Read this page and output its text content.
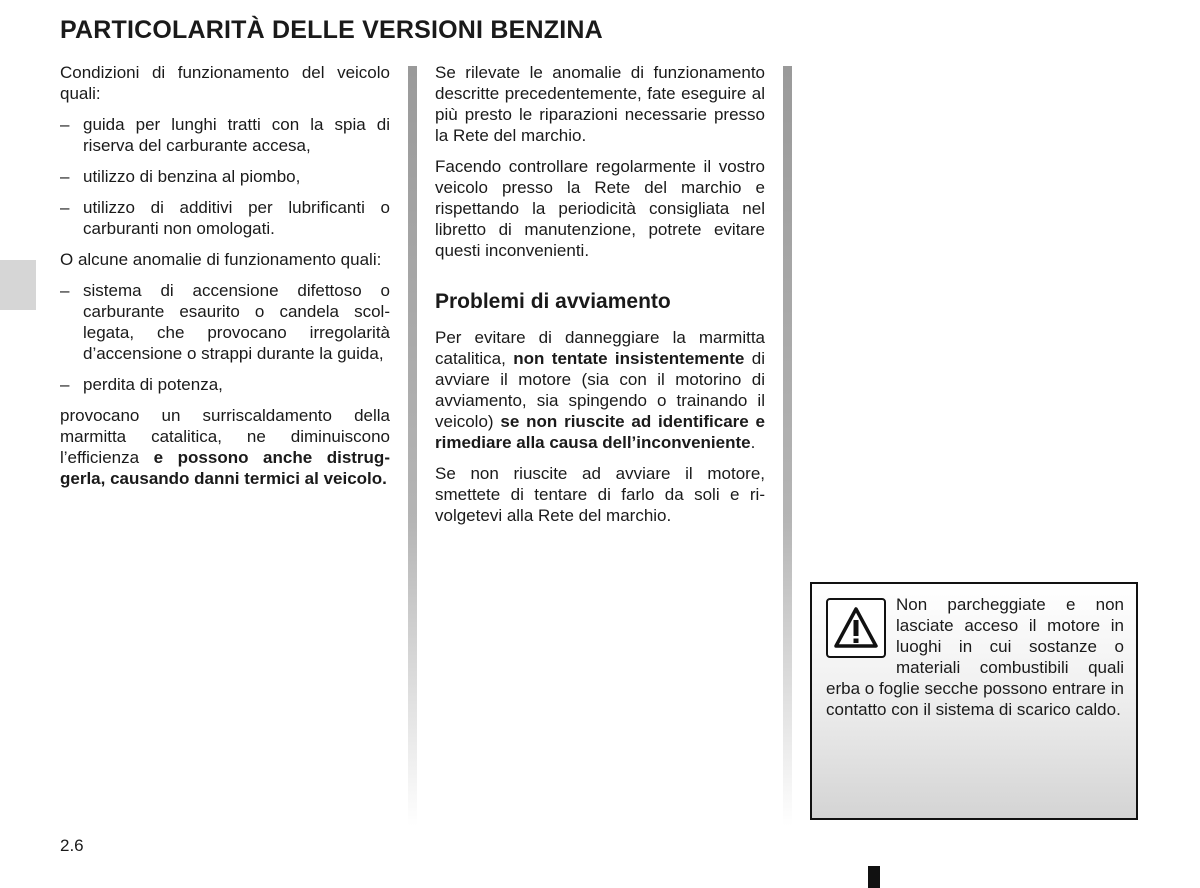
PARTICOLARITÀ DELLE VERSIONI BENZINA

Condizioni di funzionamento del veicolo quali:

– guida per lunghi tratti con la spia di riserva del carburante accesa,
– utilizzo di benzina al piombo,
– utilizzo di additivi per lubrificanti o carburanti non omologati.

O alcune anomalie di funzionamento quali:

– sistema di accensione difettoso o carburante esaurito o candela scollegata, che provocano irregolarità d’accensione o strappi durante la guida,
– perdita di potenza,

provocano un surriscaldamento della marmitta catalitica, ne diminuiscono l’efficienza e possono anche distruggerla, causando danni termici al veicolo.

Se rilevate le anomalie di funzionamento descritte precedentemente, fate eseguire al più presto le riparazioni necessarie presso la Rete del marchio.

Facendo controllare regolarmente il vostro veicolo presso la Rete del marchio e rispettando la periodicità consigliata nel libretto di manutenzione, potrete evitare questi inconvenienti.

Problemi di avviamento

Per evitare di danneggiare la marmitta catalitica, non tentate insistentemente di avviare il motore (sia con il motorino di avviamento, sia spingendo o trainando il veicolo) se non riuscite ad identificare e rimediare alla causa dell’inconveniente.

Se non riuscite ad avviare il motore, smettete di tentare di farlo da soli e rivolgetevi alla Rete del marchio.

Non parcheggiate e non lasciate acceso il motore in luoghi in cui sostanze o materiali combustibili quali erba o foglie secche possono entrare in contatto con il sistema di scarico caldo.
2.6
